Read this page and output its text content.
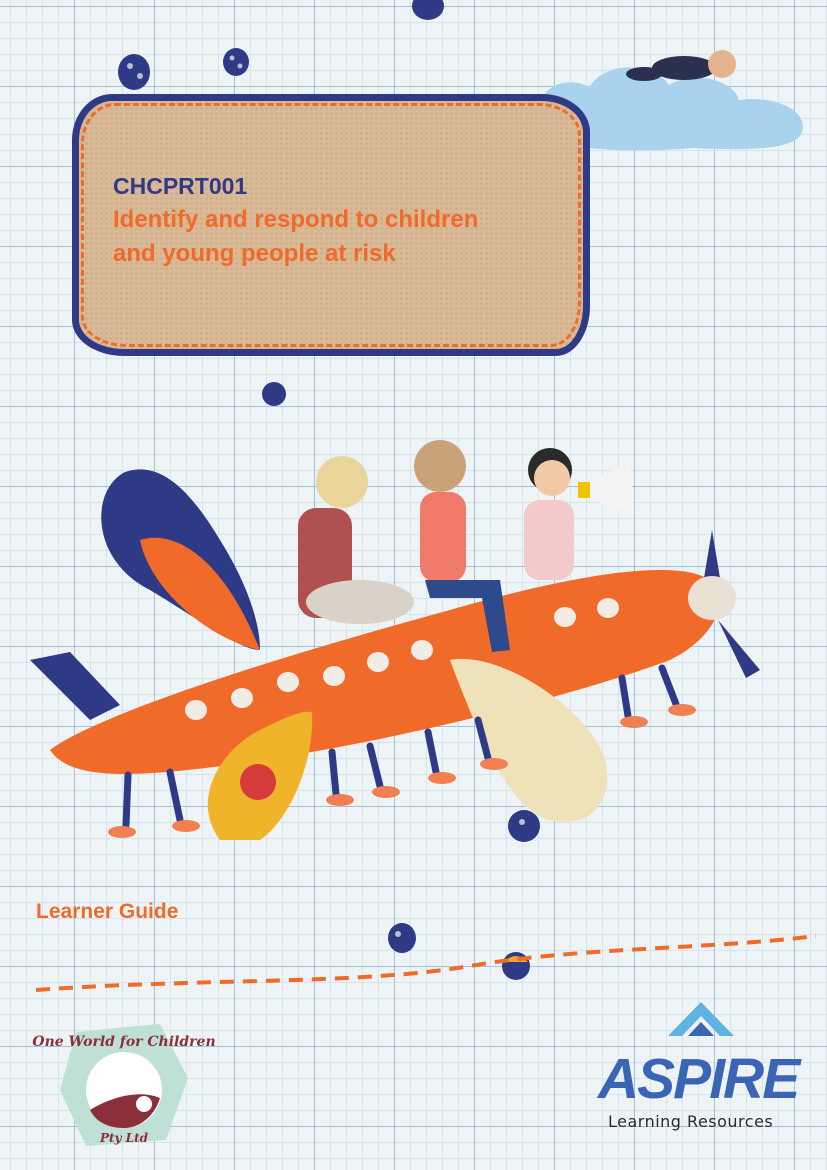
CHCPRT001
Identify and respond to children
and young people at risk
Learner Guide
One World for Children
Pty Ltd
ASPIRE
Learning Resources
